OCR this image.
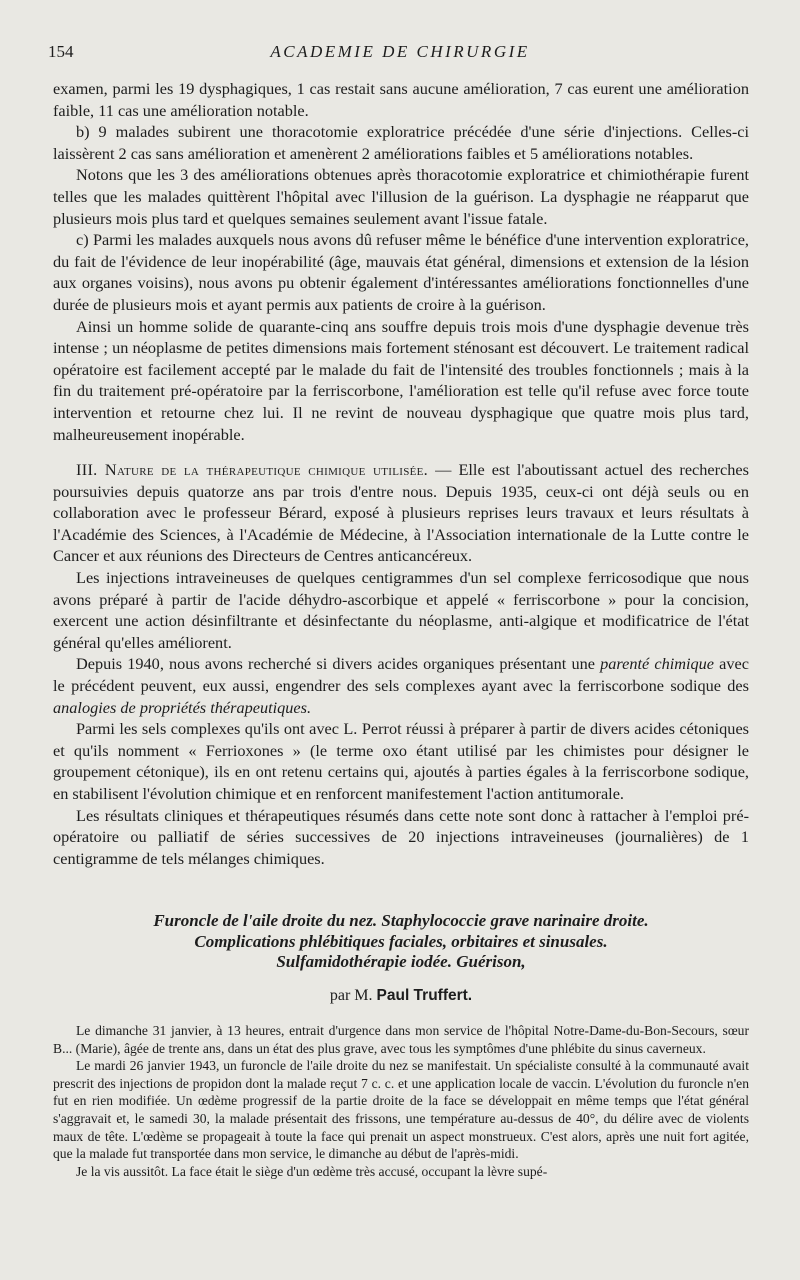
154	ACADEMIE DE CHIRURGIE

examen, parmi les 19 dysphagiques, 1 cas restait sans aucune amélioration, 7 cas eurent une amélioration faible, 11 cas une amélioration notable.

b) 9 malades subirent une thoracotomie exploratrice précédée d'une série d'injections. Celles-ci laissèrent 2 cas sans amélioration et amenèrent 2 améliorations faibles et 5 améliorations notables.

Notons que les 3 des améliorations obtenues après thoracotomie exploratrice et chimiothérapie furent telles que les malades quittèrent l'hôpital avec l'illusion de la guérison. La dysphagie ne réapparut que plusieurs mois plus tard et quelques semaines seulement avant l'issue fatale.

c) Parmi les malades auxquels nous avons dû refuser même le bénéfice d'une intervention exploratrice, du fait de l'évidence de leur inopérabilité (âge, mauvais état général, dimensions et extension de la lésion aux organes voisins), nous avons pu obtenir également d'intéressantes améliorations fonctionnelles d'une durée de plusieurs mois et ayant permis aux patients de croire à la guérison.

Ainsi un homme solide de quarante-cinq ans souffre depuis trois mois d'une dysphagie devenue très intense ; un néoplasme de petites dimensions mais fortement sténosant est découvert. Le traitement radical opératoire est facilement accepté par le malade du fait de l'intensité des troubles fonctionnels ; mais à la fin du traitement pré-opératoire par la ferriscorbone, l'amélioration est telle qu'il refuse avec force toute intervention et retourne chez lui. Il ne revint de nouveau dysphagique que quatre mois plus tard, malheureusement inopérable.

III. Nature de la thérapeutique chimique utilisée. — Elle est l'aboutissant actuel des recherches poursuivies depuis quatorze ans par trois d'entre nous. Depuis 1935, ceux-ci ont déjà seuls ou en collaboration avec le professeur Bérard, exposé à plusieurs reprises leurs travaux et leurs résultats à l'Académie des Sciences, à l'Académie de Médecine, à l'Association internationale de la Lutte contre le Cancer et aux réunions des Directeurs de Centres anticancéreux.

Les injections intraveineuses de quelques centigrammes d'un sel complexe ferricosodique que nous avons préparé à partir de l'acide déhydro-ascorbique et appelé « ferriscorbone » pour la concision, exercent une action désinfiltrante et désinfectante du néoplasme, anti-algique et modificatrice de l'état général qu'elles améliorent.

Depuis 1940, nous avons recherché si divers acides organiques présentant une parenté chimique avec le précédent peuvent, eux aussi, engendrer des sels complexes ayant avec la ferriscorbone sodique des analogies de propriétés thérapeutiques.

Parmi les sels complexes qu'ils ont avec L. Perrot réussi à préparer à partir de divers acides cétoniques et qu'ils nomment « Ferrioxones » (le terme oxo étant utilisé par les chimistes pour désigner le groupement cétonique), ils en ont retenu certains qui, ajoutés à parties égales à la ferriscorbone sodique, en stabilisent l'évolution chimique et en renforcent manifestement l'action antitumorale.

Les résultats cliniques et thérapeutiques résumés dans cette note sont donc à rattacher à l'emploi pré-opératoire ou palliatif de séries successives de 20 injections intraveineuses (journalières) de 1 centigramme de tels mélanges chimiques.

Furoncle de l'aile droite du nez. Staphylococcie grave narinaire droite.

Complications phlébitiques faciales, orbitaires et sinusales.

Sulfamidothérapie iodée. Guérison,

par M. Paul Truffert.

Le dimanche 31 janvier, à 13 heures, entrait d'urgence dans mon service de l'hôpital Notre-Dame-du-Bon-Secours, sœur B... (Marie), âgée de trente ans, dans un état des plus grave, avec tous les symptômes d'une phlébite du sinus caverneux.

Le mardi 26 janvier 1943, un furoncle de l'aile droite du nez se manifestait. Un spécialiste consulté à la communauté avait prescrit des injections de propidon dont la malade reçut 7 c. c. et une application locale de vaccin. L'évolution du furoncle n'en fut en rien modifiée. Un œdème progressif de la partie droite de la face se développait en même temps que l'état général s'aggravait et, le samedi 30, la malade présentait des frissons, une température au-dessus de 40°, du délire avec de violents maux de tête. L'œdème se propageait à toute la face qui prenait un aspect monstrueux. C'est alors, après une nuit fort agitée, que la malade fut transportée dans mon service, le dimanche au début de l'après-midi.

Je la vis aussitôt. La face était le siège d'un œdème très accusé, occupant la lèvre supé-
